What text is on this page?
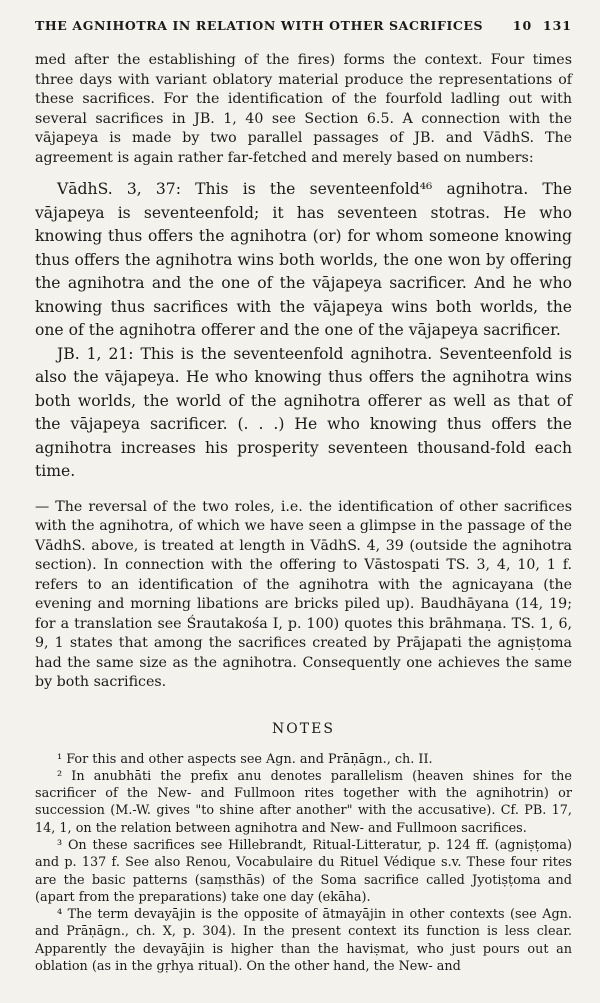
THE AGNIHOTRA IN RELATION WITH OTHER SACRIFICES 10 131

med after the establishing of the fires) forms the context. Four times three days with variant oblatory material produce the representations of these sacrifices. For the identification of the fourfold ladling out with several sacrifices in JB. 1, 40 see Section 6.5. A connection with the vājapeya is made by two parallel passages of JB. and VādhS. The agreement is again rather far-fetched and merely based on numbers:

VādhS. 3, 37: This is the seventeenfold⁴⁶ agnihotra. The vājapeya is seventeenfold; it has seventeen stotras. He who knowing thus offers the agnihotra (or) for whom someone knowing thus offers the agnihotra wins both worlds, the one won by offering the agnihotra and the one of the vājapeya sacrificer. And he who knowing thus sacrifices with the vājapeya wins both worlds, the one of the agnihotra offerer and the one of the vājapeya sacrificer.

JB. 1, 21: This is the seventeenfold agnihotra. Seventeenfold is also the vājapeya. He who knowing thus offers the agnihotra wins both worlds, the world of the agnihotra offerer as well as that of the vājapeya sacrificer. (. . .) He who knowing thus offers the agnihotra increases his prosperity seventeen thousand-fold each time.

— The reversal of the two roles, i.e. the identification of other sacrifices with the agnihotra, of which we have seen a glimpse in the passage of the VādhS. above, is treated at length in VādhS. 4, 39 (outside the agnihotra section). In connection with the offering to Vāstospati TS. 3, 4, 10, 1 f. refers to an identification of the agnihotra with the agnicayana (the evening and morning libations are bricks piled up). Baudhāyana (14, 19; for a translation see Śrautakośa I, p. 100) quotes this brāhmaṇa. TS. 1, 6, 9, 1 states that among the sacrifices created by Prājapati the agniṣṭoma had the same size as the agnihotra. Consequently one achieves the same by both sacrifices.

NOTES

¹ For this and other aspects see Agn. and Prāṇāgn., ch. II.

² In anubhāti the prefix anu denotes parallelism (heaven shines for the sacrificer of the New- and Fullmoon rites together with the agnihotrin) or succession (M.-W. gives "to shine after another" with the accusative). Cf. PB. 17, 14, 1, on the relation between agnihotra and New- and Fullmoon sacrifices.

³ On these sacrifices see Hillebrandt, Ritual-Litteratur, p. 124 ff. (agniṣṭoma) and p. 137 f. See also Renou, Vocabulaire du Rituel Védique s.v. These four rites are the basic patterns (saṃsthās) of the Soma sacrifice called Jyotiṣṭoma and (apart from the preparations) take one day (ekāha).

⁴ The term devayājin is the opposite of ātmayājin in other contexts (see Agn. and Prāṇāgn., ch. X, p. 304). In the present context its function is less clear. Apparently the devayājin is higher than the haviṣmat, who just pours out an oblation (as in the gṛhya ritual). On the other hand, the New- and
